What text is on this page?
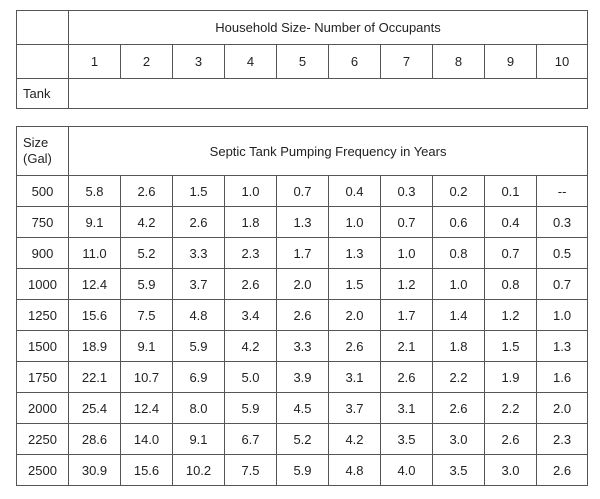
	Household Size- Number of Occupants									
	1	2	3	4	5	6	7	8	9	10
Tank										
Size
(Gal)	Septic Tank Pumping Frequency in Years									
500	5.8	2.6	1.5	1.0	0.7	0.4	0.3	0.2	0.1	--
750	9.1	4.2	2.6	1.8	1.3	1.0	0.7	0.6	0.4	0.3
900	11.0	5.2	3.3	2.3	1.7	1.3	1.0	0.8	0.7	0.5
1000	12.4	5.9	3.7	2.6	2.0	1.5	1.2	1.0	0.8	0.7
1250	15.6	7.5	4.8	3.4	2.6	2.0	1.7	1.4	1.2	1.0
1500	18.9	9.1	5.9	4.2	3.3	2.6	2.1	1.8	1.5	1.3
1750	22.1	10.7	6.9	5.0	3.9	3.1	2.6	2.2	1.9	1.6
2000	25.4	12.4	8.0	5.9	4.5	3.7	3.1	2.6	2.2	2.0
2250	28.6	14.0	9.1	6.7	5.2	4.2	3.5	3.0	2.6	2.3
2500	30.9	15.6	10.2	7.5	5.9	4.8	4.0	3.5	3.0	2.6
